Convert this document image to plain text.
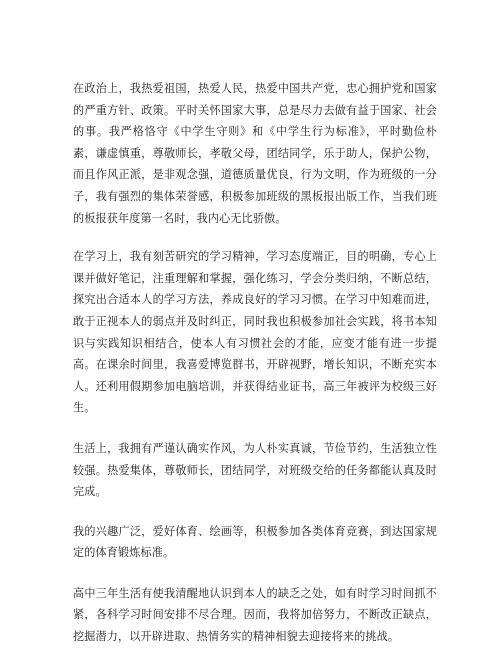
在政治上，我热爱祖国，热爱人民，热爱中国共产党，忠心拥护党和国家的严重方针、政策。平时关怀国家大事，总是尽力去做有益于国家、社会的事。我严格恪守《中学生守则》和《中学生行为标准》，平时勤俭朴素，谦虚慎重，尊敬师长，孝敬父母，团结同学，乐于助人，保护公物，而且作风正派，是非观念强，道德质量优良，行为文明，作为班级的一分子，我有强烈的集体荣誉感，积极参加班级的黑板报出版工作，当我们班的板报获年度第一名时，我内心无比骄傲。

在学习上，我有刻苦研究的学习精神，学习态度端正，目的明确，专心上课并做好笔记，注重理解和掌握，强化练习，学会分类归纳，不断总结，探究出合适本人的学习方法，养成良好的学习习惯。在学习中知难而进，敢于正视本人的弱点并及时纠正，同时我也积极参加社会实践，将书本知识与实践知识相结合，使本人有习惯社会的才能，应变才能有进一步提高。在课余时间里，我喜爱博览群书，开辟视野，增长知识，不断充实本人。还利用假期参加电脑培训，并获得结业证书，高三年被评为校级三好生。

生活上，我拥有严谨认确实作风，为人朴实真诚，节俭节约，生活独立性较强。热爱集体，尊敬师长，团结同学，对班级交给的任务都能认真及时完成。

我的兴趣广泛，爱好体育、绘画等，积极参加各类体育竞赛，到达国家规定的体育锻炼标准。

高中三年生活有使我清醒地认识到本人的缺乏之处，如有时学习时间抓不紧，各科学习时间安排不尽合理。因而，我将加倍努力，不断改正缺点，挖掘潜力，以开辟进取、热情务实的精神相貌去迎接将来的挑战。
